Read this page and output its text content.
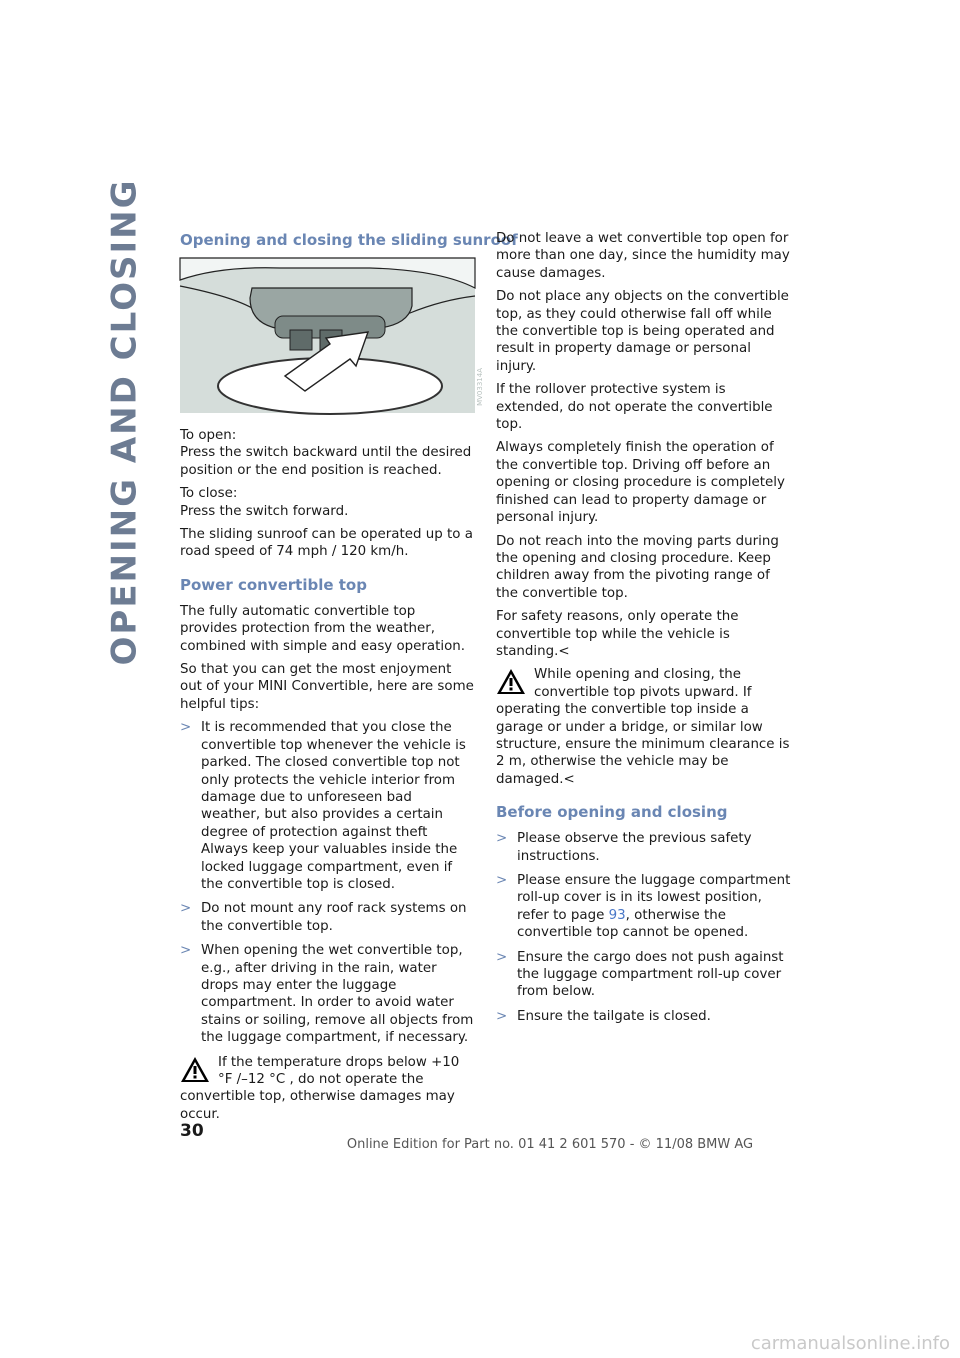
OPENING AND CLOSING Opening and closing the sliding sunroof
MV03314A

To open:

Press the switch backward until the desired position or the end position is reached.

To close:

Press the switch forward.

The sliding sunroof can be operated up to a road speed of 74 mph / 120 km/h.

Power convertible top

The fully automatic convertible top provides protection from the weather, combined with simple and easy operation.

So that you can get the most enjoyment out of your MINI Convertible, here are some helpful tips:

> It is recommended that you close the convertible top whenever the vehicle is parked. The closed convertible top not only protects the vehicle interior from damage due to unforeseen bad weather, but also provides a certain degree of protection against theft Always keep your valuables inside the locked luggage compartment, even if the convertible top is closed.
> Do not mount any roof rack systems on the convertible top.
> When opening the wet convertible top, e.g., after driving in the rain, water drops may enter the luggage compartment. In order to avoid water stains or soiling, remove all objects from the luggage compartment, if necessary.
If the temperature drops below +10 °F /–12 °C , do not operate the convertible top, otherwise damages may occur.

Do not leave a wet convertible top open for more than one day, since the humidity may cause damages.

Do not place any objects on the convertible top, as they could otherwise fall off while the convertible top is being operated and result in property damage or personal injury.

If the rollover protective system is extended, do not operate the convertible top.

Always completely finish the operation of the convertible top. Driving off before an opening or closing procedure is completely finished can lead to property damage or personal injury.

Do not reach into the moving parts during the opening and closing procedure. Keep children away from the pivoting range of the convertible top.

For safety reasons, only operate the convertible top while the vehicle is standing.<

While opening and closing, the convertible top pivots upward. If operating the convertible top inside a garage or under a bridge, or similar low structure, ensure the minimum clearance is 2 m, otherwise the vehicle may be damaged.<
Before opening and closing
> Please observe the previous safety instructions.
> Please ensure the luggage compartment roll-up cover is in its lowest position, refer to page 93, otherwise the convertible top cannot be opened.
> Ensure the cargo does not push against the luggage compartment roll-up cover from below.
> Ensure the tailgate is closed.
30
Online Edition for Part no. 01 41 2 601 570 - © 11/08 BMW AG
carmanualsonline.info
